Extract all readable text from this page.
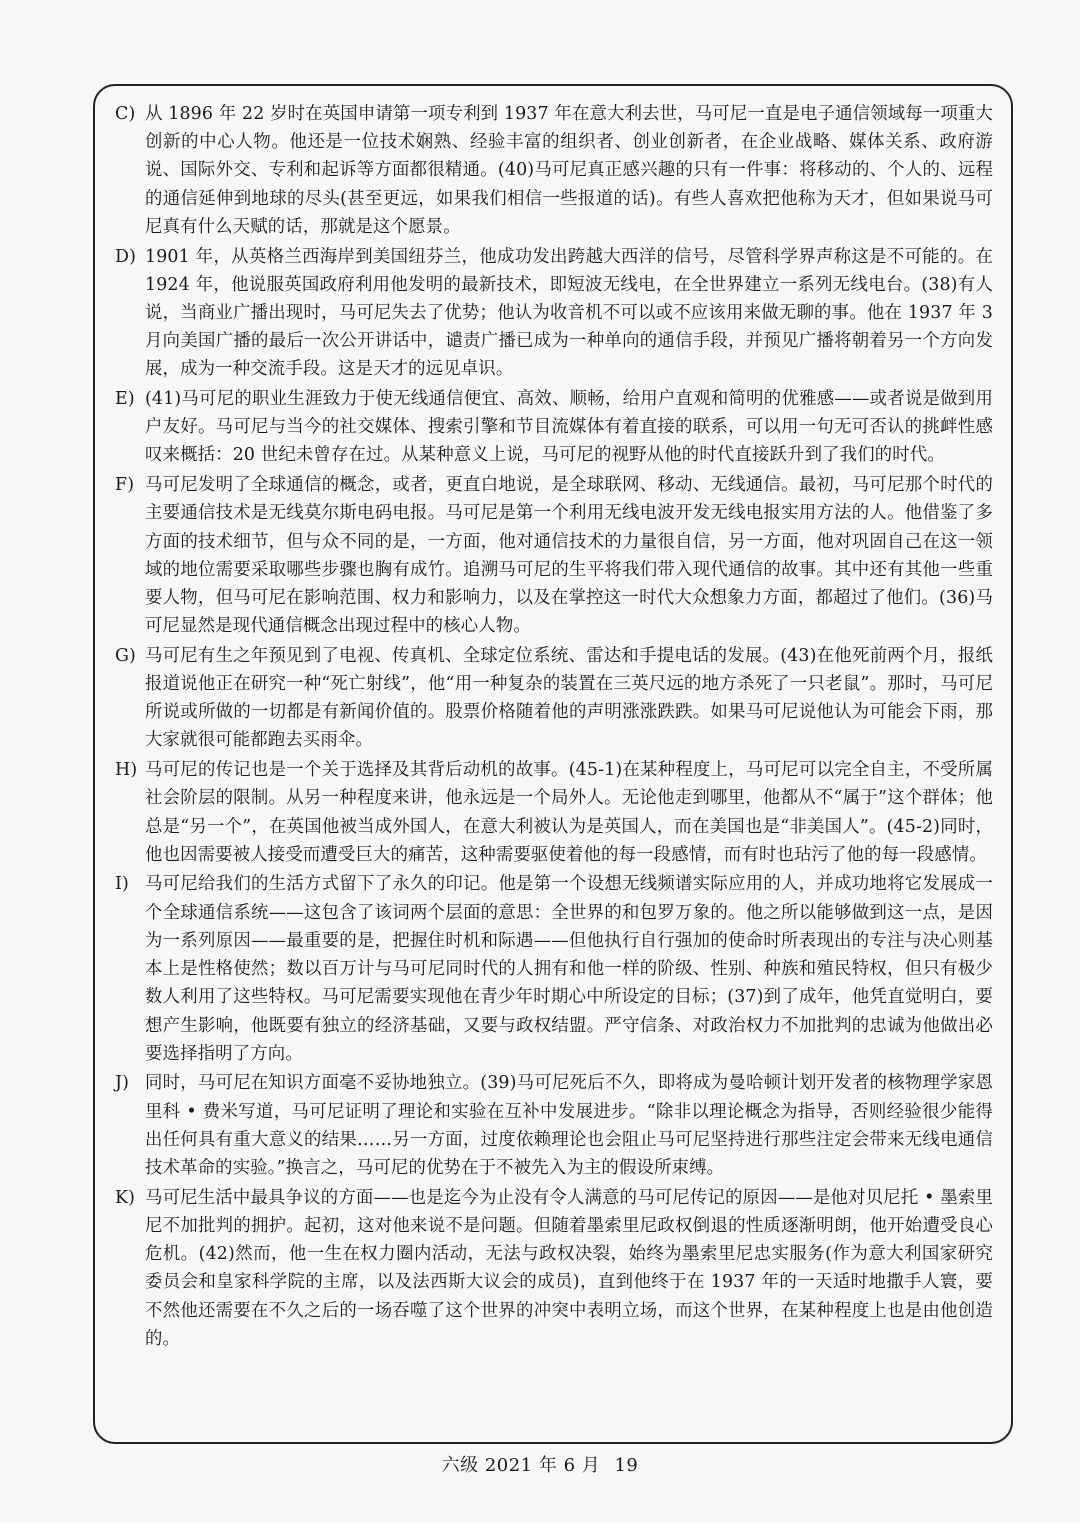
C) 从 1896 年 22 岁时在英国申请第一项专利到 1937 年在意大利去世，马可尼一直是电子通信领域每一项重大创新的中心人物。他还是一位技术娴熟、经验丰富的组织者、创业创新者，在企业战略、媒体关系、政府游说、国际外交、专利和起诉等方面都很精通。(40)马可尼真正感兴趣的只有一件事：将移动的、个人的、远程的通信延伸到地球的尽头(甚至更远，如果我们相信一些报道的话)。有些人喜欢把他称为天才，但如果说马可尼真有什么天赋的话，那就是这个愿景。

D) 1901 年，从英格兰西海岸到美国纽芬兰，他成功发出跨越大西洋的信号，尽管科学界声称这是不可能的。在 1924 年，他说服英国政府利用他发明的最新技术，即短波无线电，在全世界建立一系列无线电台。(38)有人说，当商业广播出现时，马可尼失去了优势；他认为收音机不可以或不应该用来做无聊的事。他在 1937 年 3 月向美国广播的最后一次公开讲话中，谴责广播已成为一种单向的通信手段，并预见广播将朝着另一个方向发展，成为一种交流手段。这是天才的远见卓识。

E) (41)马可尼的职业生涯致力于使无线通信便宜、高效、顺畅，给用户直观和简明的优雅感——或者说是做到用户友好。马可尼与当今的社交媒体、搜索引擎和节目流媒体有着直接的联系，可以用一句无可否认的挑衅性感叹来概括：20 世纪未曾存在过。从某种意义上说，马可尼的视野从他的时代直接跃升到了我们的时代。

F) 马可尼发明了全球通信的概念，或者，更直白地说，是全球联网、移动、无线通信。最初，马可尼那个时代的主要通信技术是无线莫尔斯电码电报。马可尼是第一个利用无线电波开发无线电报实用方法的人。他借鉴了多方面的技术细节，但与众不同的是，一方面，他对通信技术的力量很自信，另一方面，他对巩固自己在这一领域的地位需要采取哪些步骤也胸有成竹。追溯马可尼的生平将我们带入现代通信的故事。其中还有其他一些重要人物，但马可尼在影响范围、权力和影响力，以及在掌控这一时代大众想象力方面，都超过了他们。(36)马可尼显然是现代通信概念出现过程中的核心人物。

G) 马可尼有生之年预见到了电视、传真机、全球定位系统、雷达和手提电话的发展。(43)在他死前两个月，报纸报道说他正在研究一种“死亡射线”，他“用一种复杂的装置在三英尺远的地方杀死了一只老鼠”。那时，马可尼所说或所做的一切都是有新闻价值的。股票价格随着他的声明涨涨跌跌。如果马可尼说他认为可能会下雨，那大家就很可能都跑去买雨伞。

H) 马可尼的传记也是一个关于选择及其背后动机的故事。(45-1)在某种程度上，马可尼可以完全自主，不受所属社会阶层的限制。从另一种程度来讲，他永远是一个局外人。无论他走到哪里，他都从不“属于”这个群体；他总是“另一个”，在英国他被当成外国人，在意大利被认为是英国人，而在美国也是“非美国人”。(45-2)同时，他也因需要被人接受而遭受巨大的痛苦，这种需要驱使着他的每一段感情，而有时也玷污了他的每一段感情。

I) 马可尼给我们的生活方式留下了永久的印记。他是第一个设想无线频谱实际应用的人，并成功地将它发展成一个全球通信系统——这包含了该词两个层面的意思：全世界的和包罗万象的。他之所以能够做到这一点，是因为一系列原因——最重要的是，把握住时机和际遇——但他执行自行强加的使命时所表现出的专注与决心则基本上是性格使然；数以百万计与马可尼同时代的人拥有和他一样的阶级、性别、种族和殖民特权，但只有极少数人利用了这些特权。马可尼需要实现他在青少年时期心中所设定的目标；(37)到了成年，他凭直觉明白，要想产生影响，他既要有独立的经济基础，又要与政权结盟。严守信条、对政治权力不加批判的忠诚为他做出必要选择指明了方向。

J) 同时，马可尼在知识方面毫不妥协地独立。(39)马可尼死后不久，即将成为曼哈顿计划开发者的核物理学家恩里科 • 费米写道，马可尼证明了理论和实验在互补中发展进步。“除非以理论概念为指导，否则经验很少能得出任何具有重大意义的结果……另一方面，过度依赖理论也会阻止马可尼坚持进行那些注定会带来无线电通信技术革命的实验。”换言之，马可尼的优势在于不被先入为主的假设所束缚。

K) 马可尼生活中最具争议的方面——也是迄今为止没有令人满意的马可尼传记的原因——是他对贝尼托 • 墨索里尼不加批判的拥护。起初，这对他来说不是问题。但随着墨索里尼政权倒退的性质逐渐明朗，他开始遭受良心危机。(42)然而，他一生在权力圈内活动，无法与政权决裂，始终为墨索里尼忠实服务(作为意大利国家研究委员会和皇家科学院的主席，以及法西斯大议会的成员)，直到他终于在 1937 年的一天适时地撒手人寰，要不然他还需要在不久之后的一场吞噬了这个世界的冲突中表明立场，而这个世界，在某种程度上也是由他创造的。

六级 2021 年 6 月 19
